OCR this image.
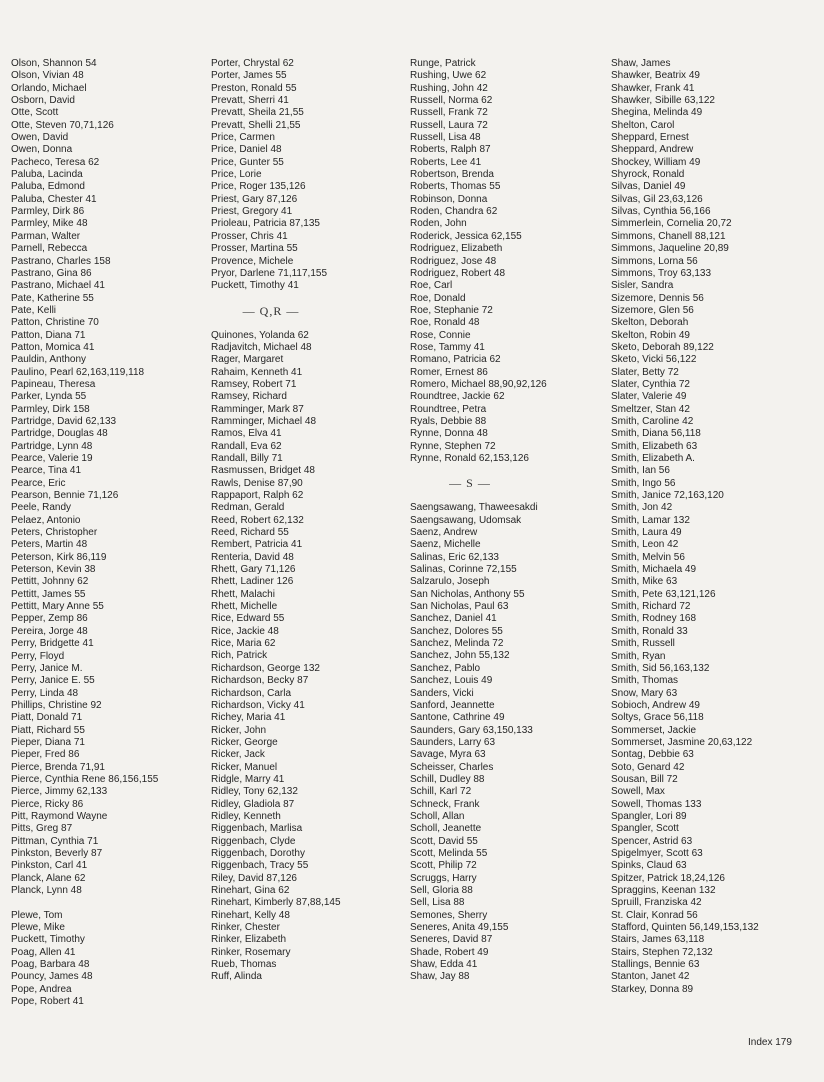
Olson, Shannon 54
Olson, Vivian 48
Orlando, Michael
Osborn, David
Otte, Scott
Otte, Steven 70,71,126
Owen, David
Owen, Donna
Pacheco, Teresa 62
Paluba, Lacinda
Paluba, Edmond
Paluba, Chester 41
Parmley, Dirk 86
Parmley, Mike 48
Parman, Walter
Parnell, Rebecca
Pastrano, Charles 158
Pastrano, Gina 86
Pastrano, Michael 41
Pate, Katherine 55
Pate, Kelli
Patton, Christine 70
Patton, Diana 71
Patton, Momica 41
Pauldin, Anthony
Paulino, Pearl 62,163,119,118
Papineau, Theresa
Parker, Lynda 55
Parmley, Dirk 158
Partridge, David 62,133
Partridge, Douglas 48
Partridge, Lynn 48
Pearce, Valerie 19
Pearce, Tina 41
Pearce, Eric
Pearson, Bennie 71,126
Peele, Randy
Pelaez, Antonio
Peters, Christopher
Peters, Martin 48
Peterson, Kirk 86,119
Peterson, Kevin 38
Pettitt, Johnny 62
Pettitt, James 55
Pettitt, Mary Anne 55
Pepper, Zemp 86
Pereira, Jorge 48
Perry, Bridgette 41
Perry, Floyd
Perry, Janice M.
Perry, Janice E. 55
Perry, Linda 48
Phillips, Christine 92
Piatt, Donald 71
Piatt, Richard 55
Pieper, Diana 71
Pieper, Fred 86
Pierce, Brenda 71,91
Pierce, Cynthia Rene 86,156,155
Pierce, Jimmy 62,133
Pierce, Ricky 86
Pitt, Raymond Wayne
Pitts, Greg 87
Pittman, Cynthia 71
Pinkston, Beverly 87
Pinkston, Carl 41
Planck, Alane 62
Planck, Lynn 48
Plewe, Tom
Plewe, Mike
Puckett, Timothy
Poag, Allen 41
Poag, Barbara 48
Pouncy, James 48
Pope, Andrea
Pope, Robert 41
Porter, Chrystal 62
Porter, James 55
Preston, Ronald 55
Prevatt, Sherri 41
Prevatt, Sheila 21,55
Prevatt, Shelli 21,55
Price, Carmen
Price, Daniel 48
Price, Gunter 55
Price, Lorie
Price, Roger 135,126
Priest, Gary 87,126
Priest, Gregory 41
Prioleau, Patricia 87,135
Prosser, Chris 41
Prosser, Martina 55
Provence, Michele
Pryor, Darlene 71,117,155
Puckett, Timothy 41
— Q,R —
Quinones, Yolanda 62
Radjavitch, Michael 48
Rager, Margaret
Rahaim, Kenneth 41
Ramsey, Robert 71
Ramsey, Richard
Ramminger, Mark 87
Ramminger, Michael 48
Ramos, Elva 41
Randall, Eva 62
Randall, Billy 71
Rasmussen, Bridget 48
Rawls, Denise 87,90
Rappaport, Ralph 62
Redman, Gerald
Reed, Robert 62,132
Reed, Richard 55
Rembert, Patricia 41
Renteria, David 48
Rhett, Gary 71,126
Rhett, Ladiner 126
Rhett, Malachi
Rhett, Michelle
Rice, Edward 55
Rice, Jackie 48
Rice, Maria 62
Rich, Patrick
Richardson, George 132
Richardson, Becky 87
Richardson, Carla
Richardson, Vicky 41
Richey, Maria 41
Ricker, John
Ricker, George
Ricker, Jack
Ricker, Manuel
Ridgle, Marry 41
Ridley, Tony 62,132
Ridley, Gladiola 87
Ridley, Kenneth
Riggenbach, Marlisa
Riggenbach, Clyde
Riggenbach, Dorothy
Riggenbach, Tracy 55
Riley, David 87,126
Rinehart, Gina 62
Rinehart, Kimberly 87,88,145
Rinehart, Kelly 48
Rinker, Chester
Rinker, Elizabeth
Rinker, Rosemary
Rueb, Thomas
Ruff, Alinda
Runge, Patrick
Rushing, Uwe 62
Rushing, John 42
Russell, Norma 62
Russell, Frank 72
Russell, Laura 72
Russell, Lisa 48
Roberts, Ralph 87
Roberts, Lee 41
Robertson, Brenda
Roberts, Thomas 55
Robinson, Donna
Roden, Chandra 62
Roden, John
Roderick, Jessica 62,155
Rodriguez, Elizabeth
Rodriguez, Jose 48
Rodriguez, Robert 48
Roe, Carl
Roe, Donald
Roe, Stephanie 72
Roe, Ronald 48
Rose, Connie
Rose, Tammy 41
Romano, Patricia 62
Romer, Ernest 86
Romero, Michael 88,90,92,126
Roundtree, Jackie 62
Roundtree, Petra
Ryals, Debbie 88
Rynne, Donna 48
Rynne, Stephen 72
Rynne, Ronald 62,153,126
— S —
Saengsawang, Thaweesakdi
Saengsawang, Udomsak
Saenz, Andrew
Saenz, Michelle
Salinas, Eric 62,133
Salinas, Corinne 72,155
Salzarulo, Joseph
San Nicholas, Anthony 55
San Nicholas, Paul 63
Sanchez, Daniel 41
Sanchez, Dolores 55
Sanchez, Melinda 72
Sanchez, John 55,132
Sanchez, Pablo
Sanchez, Louis 49
Sanders, Vicki
Sanford, Jeannette
Santone, Cathrine 49
Saunders, Gary 63,150,133
Saunders, Larry 63
Savage, Myra 63
Scheisser, Charles
Schill, Dudley 88
Schill, Karl 72
Schneck, Frank
Scholl, Allan
Scholl, Jeanette
Scott, David 55
Scott, Melinda 55
Scott, Philip 72
Scruggs, Harry
Sell, Gloria 88
Sell, Lisa 88
Semones, Sherry
Seneres, Anita 49,155
Seneres, David 87
Shade, Robert 49
Shaw, Edda 41
Shaw, Jay 88
Shaw, James
Shawker, Beatrix 49
Shawker, Frank 41
Shawker, Sibille 63,122
Shegina, Melinda 49
Shelton, Carol
Sheppard, Ernest
Sheppard, Andrew
Shockey, William 49
Shyrock, Ronald
Silvas, Daniel 49
Silvas, Gil 23,63,126
Silvas, Cynthia 56,166
Simmerlein, Cornelia 20,72
Simmons, Chanell 88,121
Simmons, Jaqueline 20,89
Simmons, Lorna 56
Simmons, Troy 63,133
Sisler, Sandra
Sizemore, Dennis 56
Sizemore, Glen 56
Skelton, Deborah
Skelton, Robin 49
Sketo, Deborah 89,122
Sketo, Vicki 56,122
Slater, Betty 72
Slater, Cynthia 72
Slater, Valerie 49
Smeltzer, Stan 42
Smith, Caroline 42
Smith, Diana 56,118
Smith, Elizabeth 63
Smith, Elizabeth A.
Smith, Ian 56
Smith, Ingo 56
Smith, Janice 72,163,120
Smith, Jon 42
Smith, Lamar 132
Smith, Laura 49
Smith, Leon 42
Smith, Melvin 56
Smith, Michaela 49
Smith, Mike 63
Smith, Pete 63,121,126
Smith, Richard 72
Smith, Rodney 168
Smith, Ronald 33
Smith, Russell
Smith, Ryan
Smith, Sid 56,163,132
Smith, Thomas
Snow, Mary 63
Sobioch, Andrew 49
Soltys, Grace 56,118
Sommerset, Jackie
Sommerset, Jasmine 20,63,122
Sontag, Debbie 63
Soto, Genard 42
Sousan, Bill 72
Sowell, Max
Sowell, Thomas 133
Spangler, Lori 89
Spangler, Scott
Spencer, Astrid 63
Spigelmyer, Scott 63
Spinks, Claud 63
Spitzer, Patrick 18,24,126
Spraggins, Keenan 132
Spruill, Franziska 42
St. Clair, Konrad 56
Stafford, Quinten 56,149,153,132
Stairs, James 63,118
Stairs, Stephen 72,132
Stallings, Bennie 63
Stanton, Janet 42
Starkey, Donna 89
Index 179
